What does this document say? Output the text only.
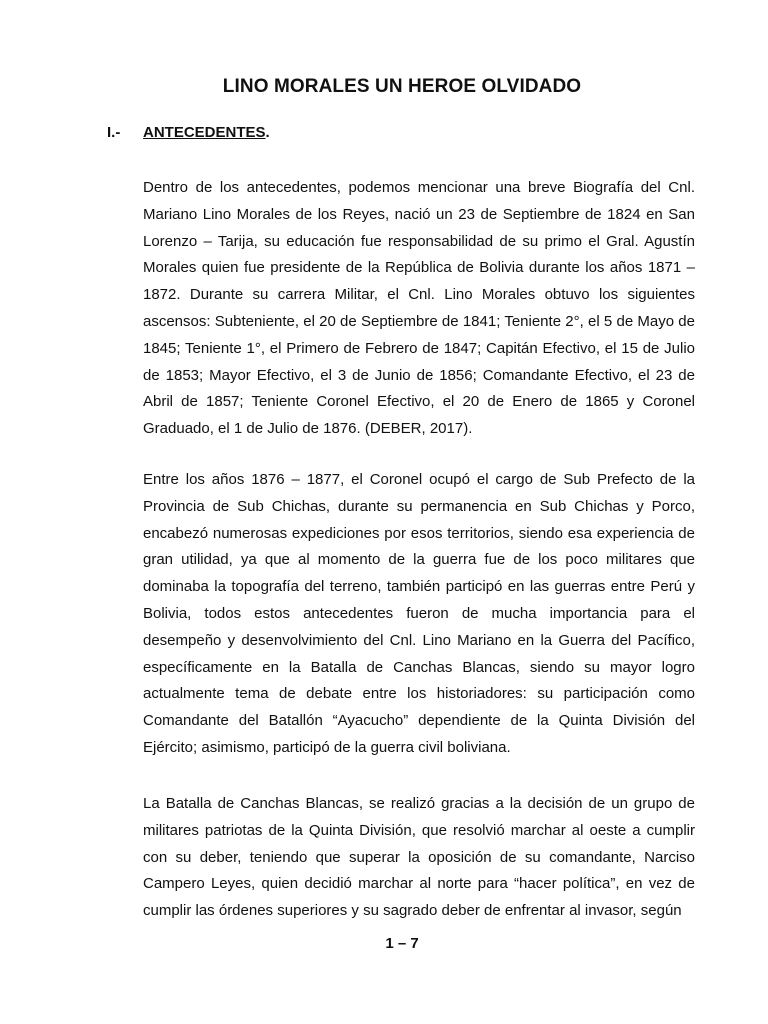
LINO MORALES UN HEROE OLVIDADO
I.-	ANTECEDENTES.
Dentro de los antecedentes, podemos mencionar una breve Biografía del Cnl. Mariano Lino Morales de los Reyes, nació un 23 de Septiembre de 1824 en San Lorenzo – Tarija, su educación fue responsabilidad de su primo el Gral. Agustín Morales quien fue presidente de la República de Bolivia durante los años 1871 – 1872. Durante su carrera Militar, el Cnl. Lino Morales obtuvo los siguientes ascensos: Subteniente, el 20 de Septiembre de 1841; Teniente 2°, el 5 de Mayo de 1845; Teniente 1°, el Primero de Febrero de 1847; Capitán Efectivo, el 15 de Julio de 1853; Mayor Efectivo, el 3 de Junio de 1856; Comandante Efectivo, el 23 de Abril de 1857; Teniente Coronel Efectivo, el 20 de Enero de 1865 y Coronel Graduado, el 1 de Julio de 1876. (DEBER, 2017).
Entre los años 1876 – 1877, el Coronel ocupó el cargo de Sub Prefecto de la Provincia de Sub Chichas, durante su permanencia en Sub Chichas y Porco, encabezó numerosas expediciones por esos territorios, siendo esa experiencia de gran utilidad, ya que al momento de la guerra fue de los poco militares que dominaba la topografía del terreno, también participó en las guerras entre Perú y Bolivia, todos estos antecedentes fueron de mucha importancia para el desempeño y desenvolvimiento del Cnl. Lino Mariano en la Guerra del Pacífico, específicamente en la Batalla de Canchas Blancas, siendo su mayor logro actualmente tema de debate entre los historiadores: su participación como Comandante del Batallón “Ayacucho” dependiente de la Quinta División del Ejército; asimismo, participó de la guerra civil boliviana.
La Batalla de Canchas Blancas, se realizó gracias a la decisión de un grupo de militares patriotas de la Quinta División, que resolvió marchar al oeste a cumplir con su deber, teniendo que superar la oposición de su comandante, Narciso Campero Leyes, quien decidió marchar al norte para “hacer política”, en vez de cumplir las órdenes superiores y su sagrado deber de enfrentar al invasor, según
1 – 7
